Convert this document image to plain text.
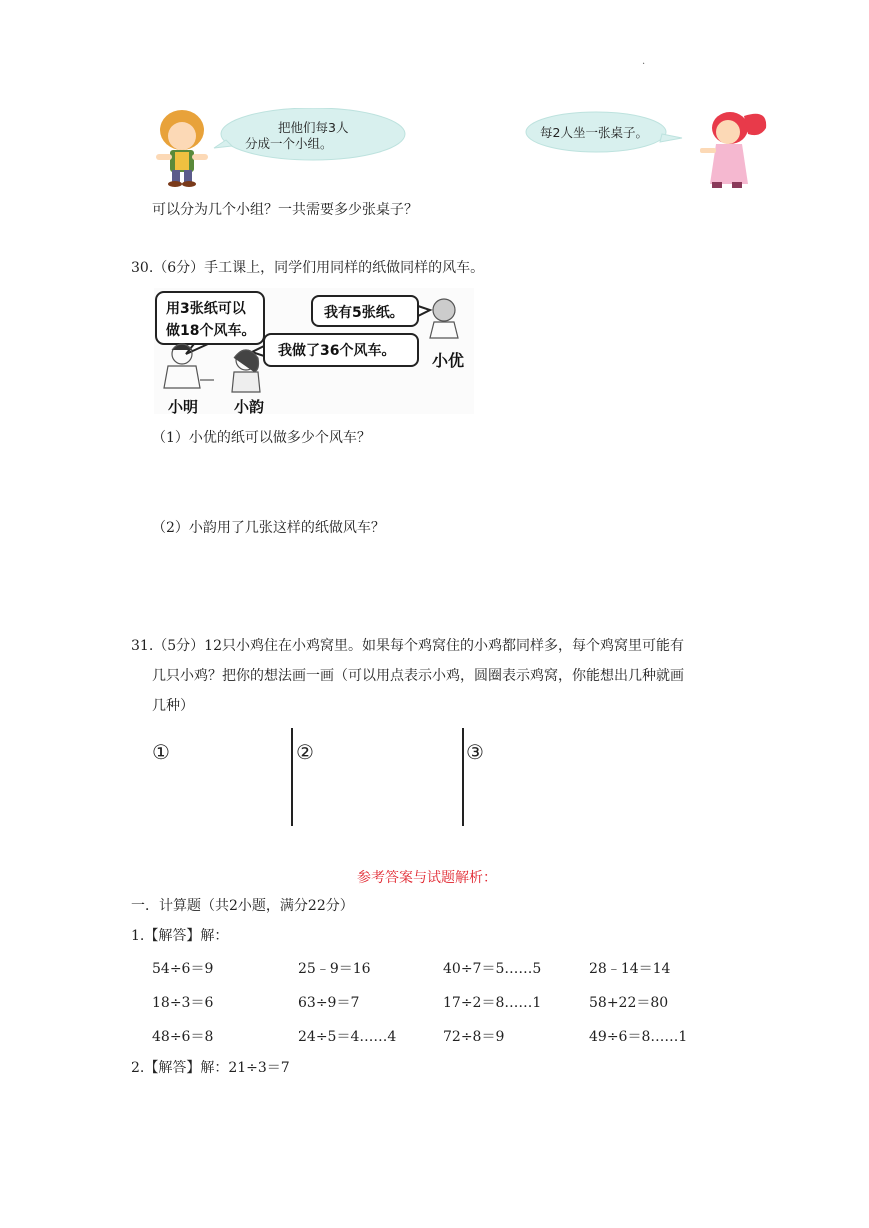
.
把他们每3人
分成一个小组。
每2人坐一张桌子。
可以分为几个小组？一共需要多少张桌子？
30.（6分）手工课上，同学们用同样的纸做同样的风车。
用3张纸可以
做18个风车。
我有5张纸。
我做了36个风车。
小明 小韵
小优
（1）小优的纸可以做多少个风车？
（2）小韵用了几张这样的纸做风车？
31.（5分）12只小鸡住在小鸡窝里。如果每个鸡窝住的小鸡都同样多，每个鸡窝里可能有
几只小鸡？把你的想法画一画（可以用点表示小鸡，圆圈表示鸡窝，你能想出几种就画
几种）
①	②	③
参考答案与试题解析：
一．计算题（共2小题，满分22分）
1.【解答】解：
54÷6＝9	25﹣9＝16	40÷7＝5……5	28﹣14＝14
18÷3＝6	63÷9＝7	17÷2＝8……1	58+22＝80
48÷6＝8	24÷5＝4……4	72÷8＝9	49÷6＝8……1
2.【解答】解：21÷3＝7
